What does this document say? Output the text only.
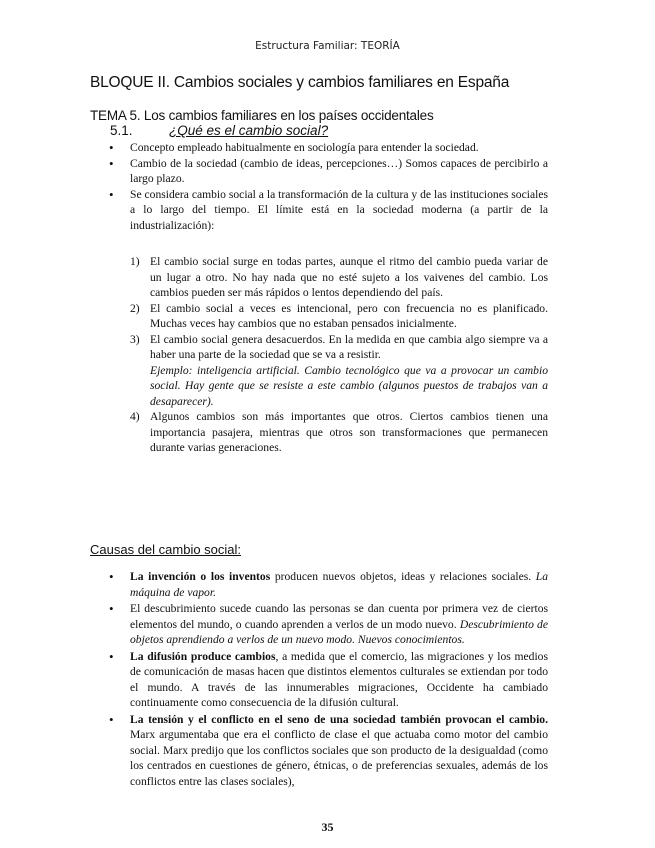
Estructura Familiar: TEORÍA
BLOQUE II. Cambios sociales y cambios familiares en España
TEMA 5. Los cambios familiares en los países occidentales
5.1.	¿Qué es el cambio social?
• Concepto empleado habitualmente en sociología para entender la sociedad.
• Cambio de la sociedad (cambio de ideas, percepciones…) Somos capaces de percibirlo a largo plazo.
• Se considera cambio social a la transformación de la cultura y de las instituciones sociales a lo largo del tiempo. El límite está en la sociedad moderna (a partir de la industrialización):
1) El cambio social surge en todas partes, aunque el ritmo del cambio pueda variar de un lugar a otro. No hay nada que no esté sujeto a los vaivenes del cambio. Los cambios pueden ser más rápidos o lentos dependiendo del país.
2) El cambio social a veces es intencional, pero con frecuencia no es planificado. Muchas veces hay cambios que no estaban pensados inicialmente.
3) El cambio social genera desacuerdos. En la medida en que cambia algo siempre va a haber una parte de la sociedad que se va a resistir.
Ejemplo: inteligencia artificial. Cambio tecnológico que va a provocar un cambio social. Hay gente que se resiste a este cambio (algunos puestos de trabajos van a desaparecer).
4) Algunos cambios son más importantes que otros. Ciertos cambios tienen una importancia pasajera, mientras que otros son transformaciones que permanecen durante varias generaciones.
Causas del cambio social:
• La invención o los inventos producen nuevos objetos, ideas y relaciones sociales. La máquina de vapor.
• El descubrimiento sucede cuando las personas se dan cuenta por primera vez de ciertos elementos del mundo, o cuando aprenden a verlos de un modo nuevo. Descubrimiento de objetos aprendiendo a verlos de un nuevo modo. Nuevos conocimientos.
• La difusión produce cambios, a medida que el comercio, las migraciones y los medios de comunicación de masas hacen que distintos elementos culturales se extiendan por todo el mundo. A través de las innumerables migraciones, Occidente ha cambiado continuamente como consecuencia de la difusión cultural.
• La tensión y el conflicto en el seno de una sociedad también provocan el cambio. Marx argumentaba que era el conflicto de clase el que actuaba como motor del cambio social. Marx predijo que los conflictos sociales que son producto de la desigualdad (como los centrados en cuestiones de género, étnicas, o de preferencias sexuales, además de los conflictos entre las clases sociales),
35
